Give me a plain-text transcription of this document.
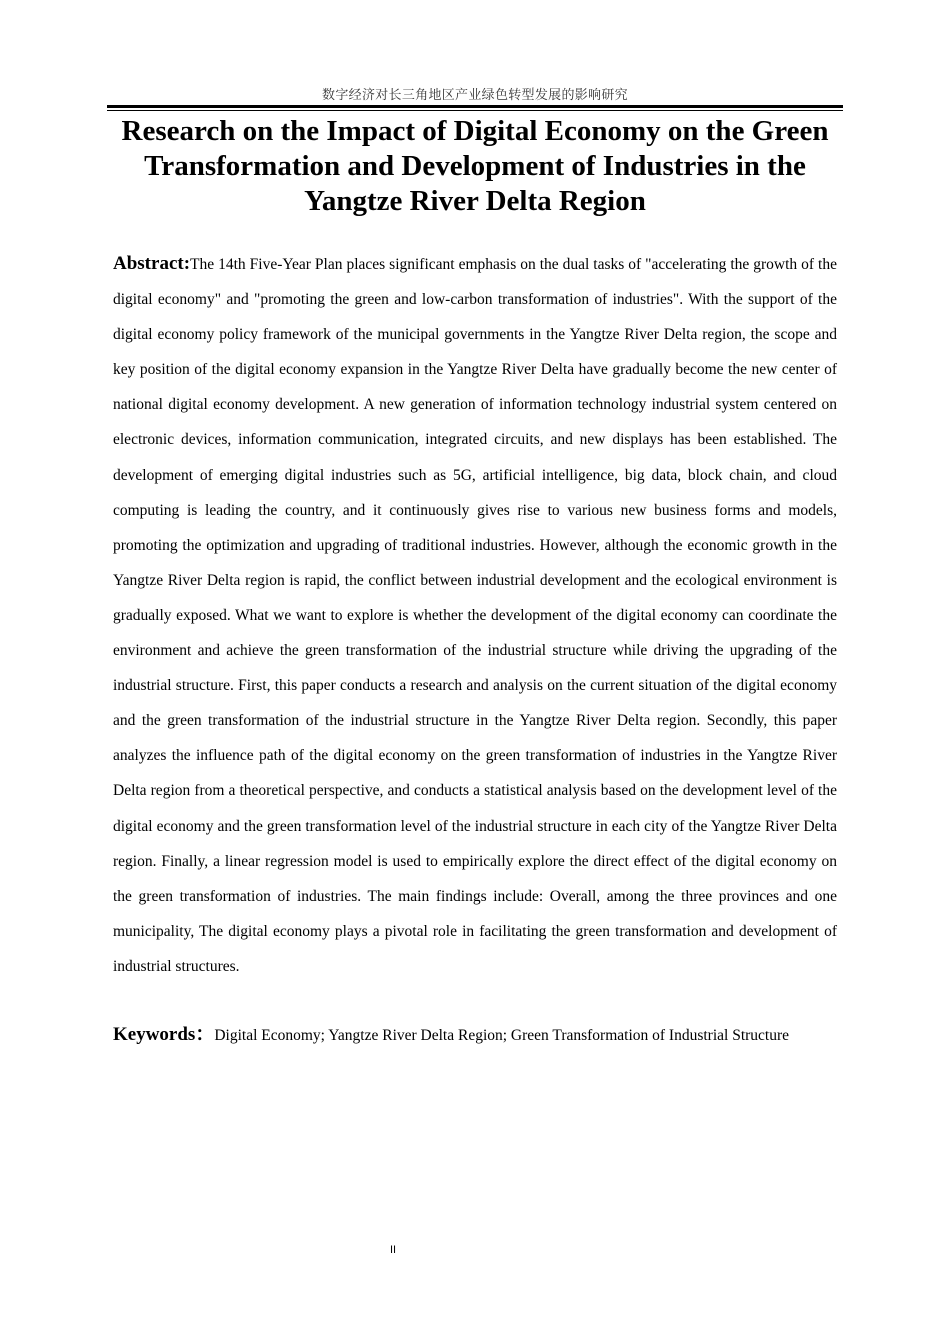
数字经济对长三角地区产业绿色转型发展的影响研究
Research on the Impact of Digital Economy on the Green Transformation and Development of Industries in the Yangtze River Delta Region

Abstract:The 14th Five-Year Plan places significant emphasis on the dual tasks of "accelerating the growth of the digital economy" and "promoting the green and low-carbon transformation of industries". With the support of the digital economy policy framework of the municipal governments in the Yangtze River Delta region, the scope and key position of the digital economy expansion in the Yangtze River Delta have gradually become the new center of national digital economy development. A new generation of information technology industrial system centered on electronic devices, information communication, integrated circuits, and new displays has been established. The development of emerging digital industries such as 5G, artificial intelligence, big data, block chain, and cloud computing is leading the country, and it continuously gives rise to various new business forms and models, promoting the optimization and upgrading of traditional industries. However, although the economic growth in the Yangtze River Delta region is rapid, the conflict between industrial development and the ecological environment is gradually exposed. What we want to explore is whether the development of the digital economy can coordinate the environment and achieve the green transformation of the industrial structure while driving the upgrading of the industrial structure. First, this paper conducts a research and analysis on the current situation of the digital economy and the green transformation of the industrial structure in the Yangtze River Delta region. Secondly, this paper analyzes the influence path of the digital economy on the green transformation of industries in the Yangtze River Delta region from a theoretical perspective, and conducts a statistical analysis based on the development level of the digital economy and the green transformation level of the industrial structure in each city of the Yangtze River Delta region. Finally, a linear regression model is used to empirically explore the direct effect of the digital economy on the green transformation of industries. The main findings include: Overall, among the three provinces and one municipality, The digital economy plays a pivotal role in facilitating the green transformation and development of industrial structures.

Keywords：Digital Economy; Yangtze River Delta Region; Green Transformation of Industrial Structure

II
